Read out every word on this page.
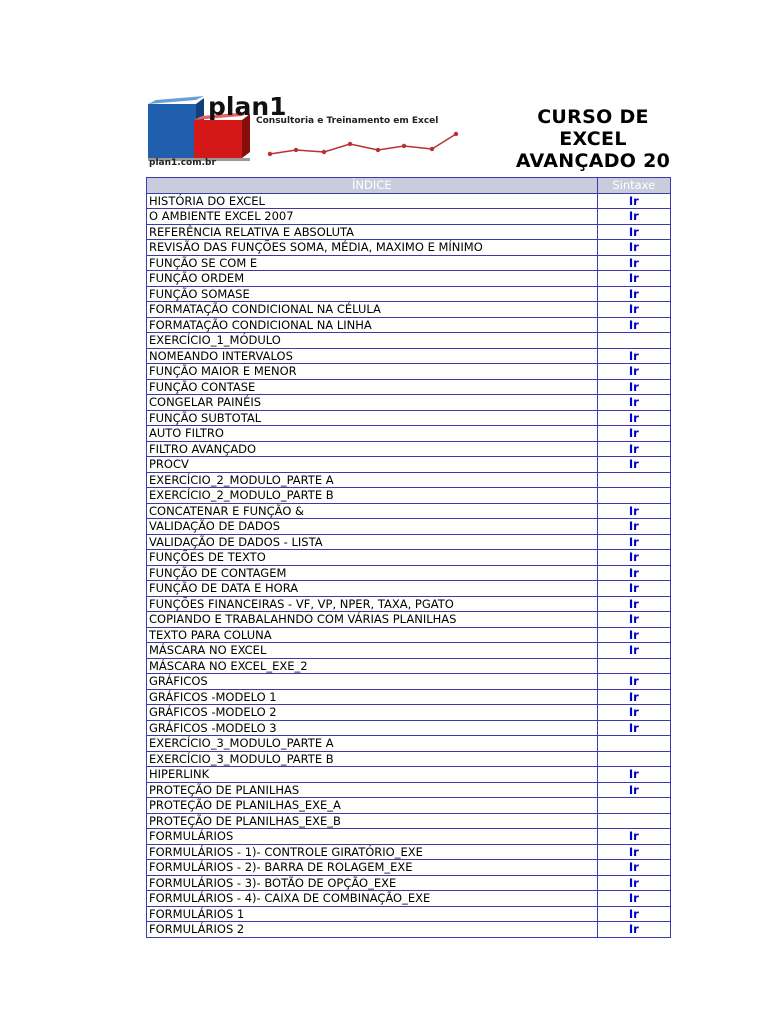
plan1
Consultoria e Treinamento em Excel
plan1.com.br
CURSO DE
EXCEL
AVANÇADO 20
ÍNDICE	Sintaxe
HISTÓRIA DO EXCEL	Ir
O AMBIENTE EXCEL 2007	Ir
REFERÊNCIA RELATIVA E ABSOLUTA	Ir
REVISÃO DAS FUNÇÕES SOMA, MÉDIA, MAXIMO E MÍNIMO	Ir
FUNÇÃO SE COM E	Ir
FUNÇÃO ORDEM	Ir
FUNÇÃO SOMASE	Ir
FORMATAÇÃO CONDICIONAL NA CÉLULA	Ir
FORMATAÇÃO CONDICIONAL NA LINHA	Ir
EXERCÍCIO_1_MÓDULO	
NOMEANDO INTERVALOS	Ir
FUNÇÃO MAIOR E MENOR	Ir
FUNÇÃO CONTASE	Ir
CONGELAR PAINÉIS	Ir
FUNÇÃO SUBTOTAL	Ir
AUTO FILTRO	Ir
FILTRO AVANÇADO	Ir
PROCV	Ir
EXERCÍCIO_2_MODULO_PARTE A	
EXERCÍCIO_2_MODULO_PARTE B	
CONCATENAR E FUNÇÃO &	Ir
VALIDAÇÃO DE DADOS	Ir
VALIDAÇÃO DE DADOS - LISTA	Ir
FUNÇÕES DE TEXTO	Ir
FUNÇÃO DE CONTAGEM	Ir
FUNÇÃO DE DATA E HORA	Ir
FUNÇÕES FINANCEIRAS - VF, VP, NPER, TAXA, PGATO	Ir
COPIANDO E TRABALAHNDO COM VÁRIAS PLANILHAS	Ir
TEXTO PARA COLUNA	Ir
MÁSCARA NO EXCEL	Ir
MÁSCARA NO EXCEL_EXE_2	
GRÁFICOS	Ir
GRÁFICOS -MODELO 1	Ir
GRÁFICOS -MODELO 2	Ir
GRÁFICOS -MODELO 3	Ir
EXERCÍCIO_3_MODULO_PARTE A	
EXERCÍCIO_3_MODULO_PARTE B	
HIPERLINK	Ir
PROTEÇÃO DE PLANILHAS	Ir
PROTEÇÃO DE PLANILHAS_EXE_A	
PROTEÇÃO DE PLANILHAS_EXE_B	
FORMULÁRIOS	Ir
FORMULÁRIOS - 1)- CONTROLE GIRATÓRIO_EXE	Ir
FORMULÁRIOS - 2)- BARRA DE ROLAGEM_EXE	Ir
FORMULÁRIOS - 3)- BOTÃO DE OPÇÃO_EXE	Ir
FORMULÁRIOS - 4)- CAIXA DE COMBINAÇÃO_EXE	Ir
FORMULÁRIOS 1	Ir
FORMULÁRIOS 2	Ir
